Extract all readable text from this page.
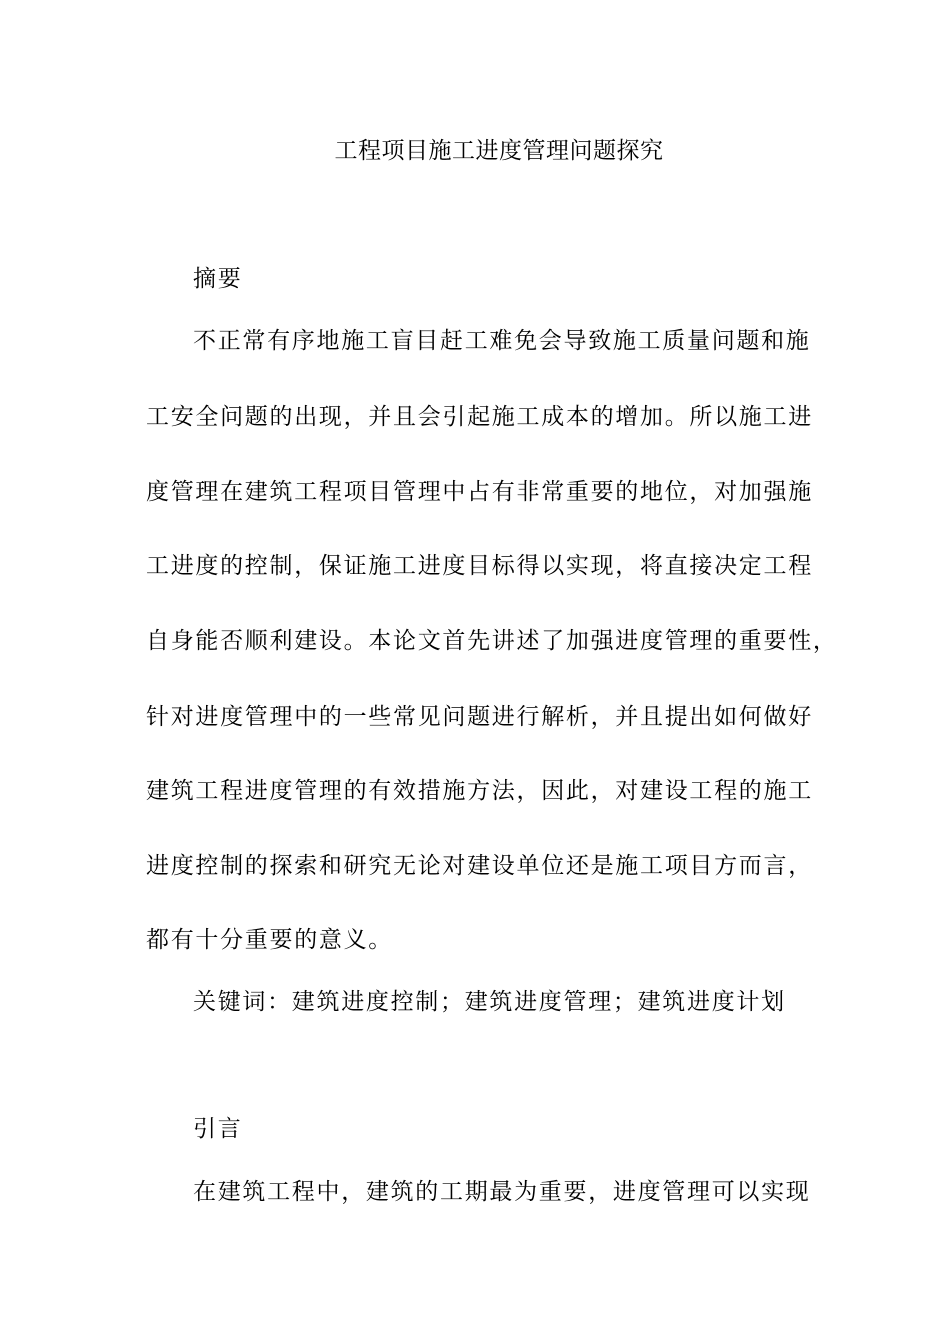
工程项目施工进度管理问题探究
摘要
不正常有序地施工盲目赶工难免会导致施工质量问题和施
工安全问题的出现，并且会引起施工成本的增加。所以施工进
度管理在建筑工程项目管理中占有非常重要的地位，对加强施
工进度的控制，保证施工进度目标得以实现，将直接决定工程
自身能否顺利建设。本论文首先讲述了加强进度管理的重要性，
针对进度管理中的一些常见问题进行解析，并且提出如何做好
建筑工程进度管理的有效措施方法，因此，对建设工程的施工
进度控制的探索和研究无论对建设单位还是施工项目方而言，
都有十分重要的意义。
关键词：建筑进度控制；建筑进度管理；建筑进度计划
引言
在建筑工程中，建筑的工期最为重要，进度管理可以实现
